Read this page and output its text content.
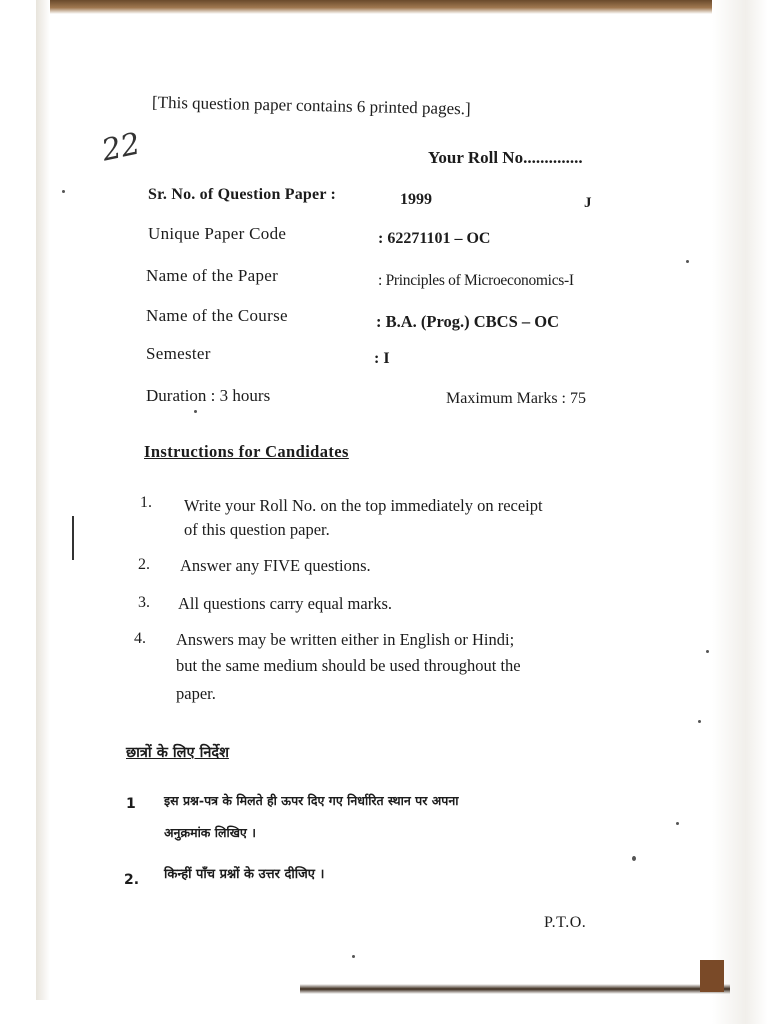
[This question paper contains 6 printed pages.]
22	Your Roll No..............
Sr. No. of Question Paper :	1999	J
Unique Paper Code	: 62271101 – OC
Name of the Paper	: Principles of Microeconomics-I
Name of the Course	: B.A. (Prog.) CBCS – OC
Semester	: I
Duration : 3 hours	Maximum Marks : 75
Instructions for Candidates
1. Write your Roll No. on the top immediately on receipt
of this question paper.
2. Answer any FIVE questions.
3. All questions carry equal marks.
4. Answers may be written either in English or Hindi;
but the same medium should be used throughout the
paper.
छात्रों के लिए निर्देश
1 इस प्रश्न-पत्र के मिलते ही ऊपर दिए गए निर्धारित स्थान पर अपना
अनुक्रमांक लिखिए ।
2. किन्हीं पाँच प्रश्नों के उत्तर दीजिए ।
P.T.O.
